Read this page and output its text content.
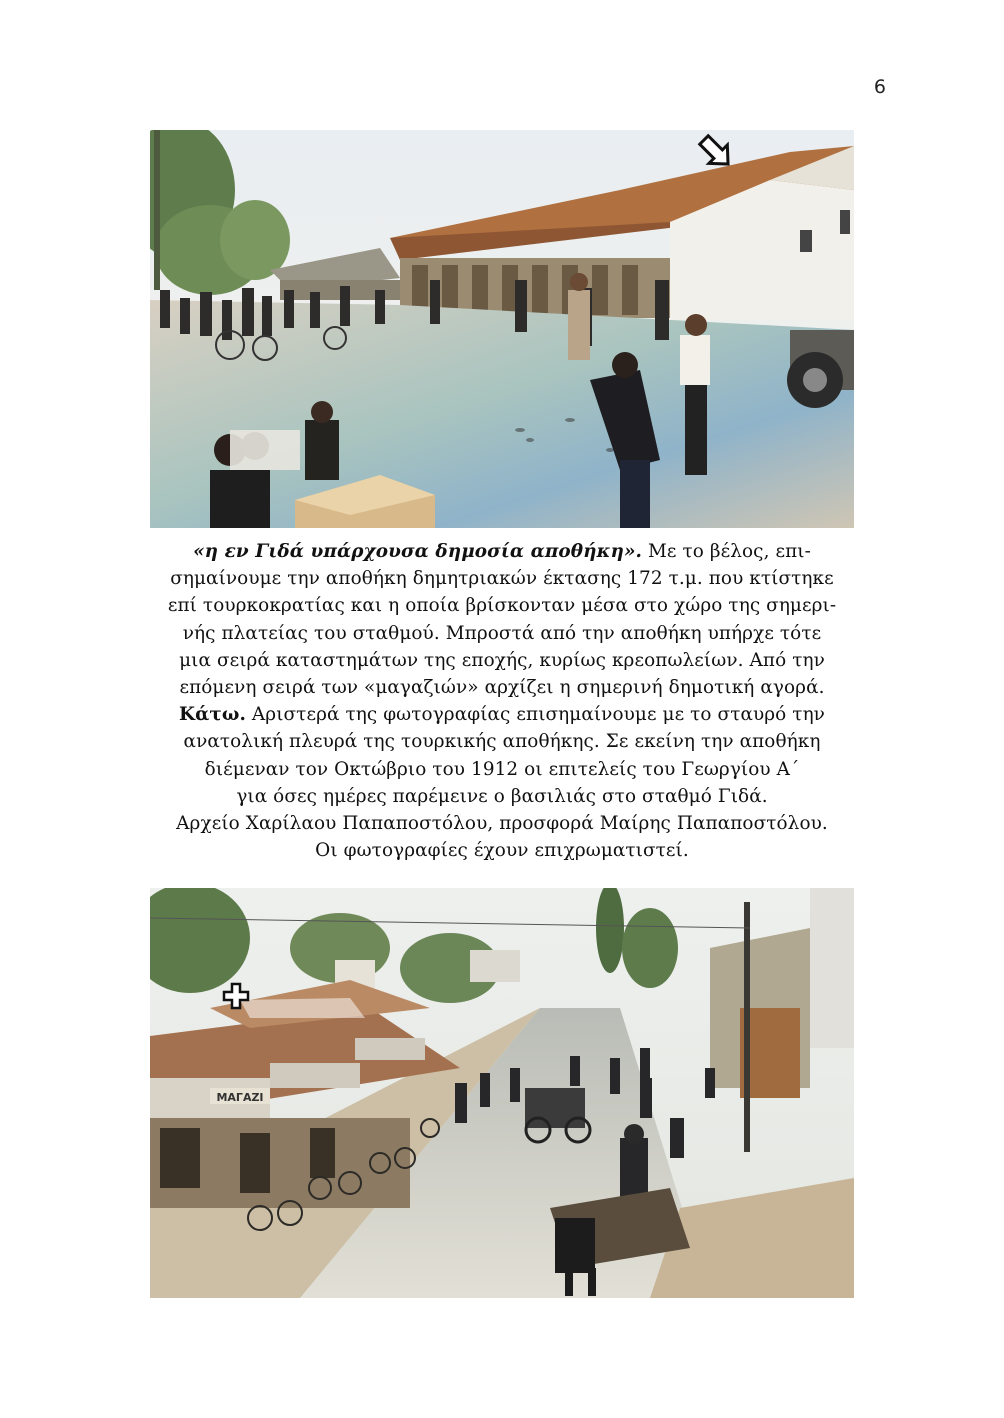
6
«η εν Γιδά υπάρχουσα δημοσία αποθήκη». Με το βέλος, επι-
σημαίνουμε την αποθήκη δημητριακών έκτασης 172 τ.μ. που κτίστηκε
επί τουρκοκρατίας και η οποία βρίσκονταν μέσα στο χώρο της σημερι-
νής πλατείας του σταθμού. Μπροστά από την αποθήκη υπήρχε τότε
μια σειρά καταστημάτων της εποχής, κυρίως κρεοπωλείων. Από την
επόμενη σειρά των «μαγαζιών» αρχίζει η σημερινή δημοτική αγορά.
Κάτω. Αριστερά της φωτογραφίας επισημαίνουμε με το σταυρό την
ανατολική πλευρά της τουρκικής αποθήκης. Σε εκείνη την αποθήκη
διέμεναν τον Οκτώβριο του 1912 οι επιτελείς του Γεωργίου Α΄
για όσες ημέρες παρέμεινε ο βασιλιάς στο σταθμό Γιδά.
Αρχείο Χαρίλαου Παπαποστόλου, προσφορά Μαίρης Παπαποστόλου.
Οι φωτογραφίες έχουν επιχρωματιστεί.
ΜΑΓΑΖΙ
